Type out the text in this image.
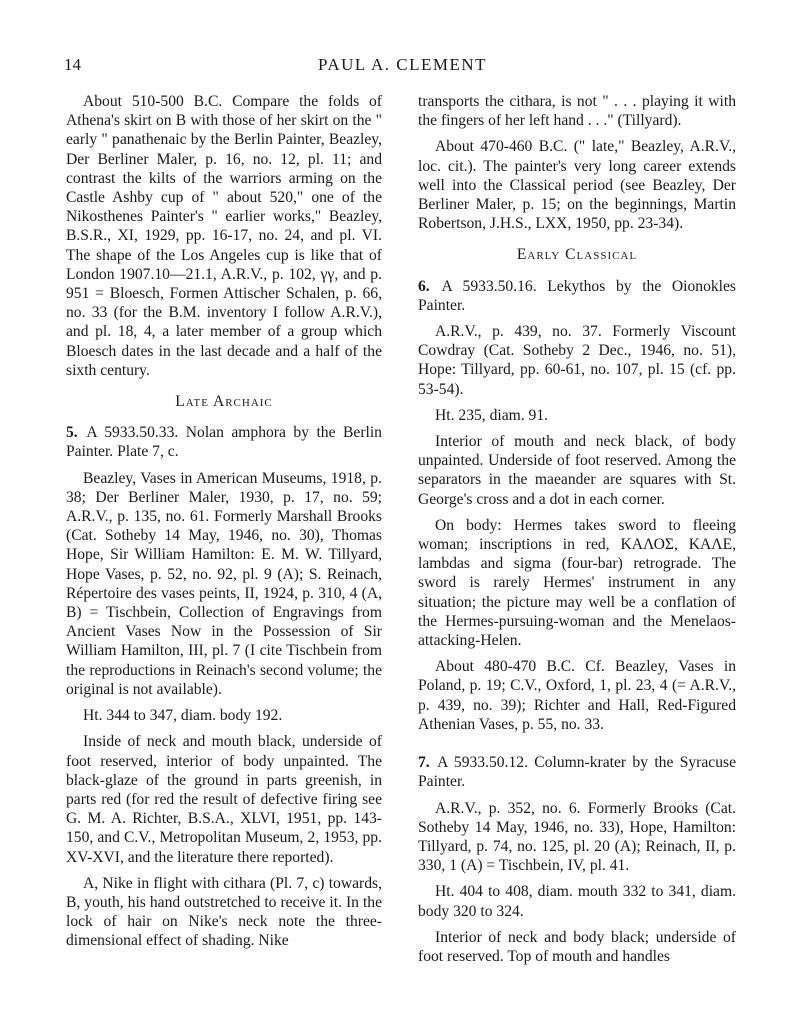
14	PAUL A. CLEMENT

About 510-500 B.C. Compare the folds of Athena's skirt on B with those of her skirt on the " early " panathenaic by the Berlin Painter, Beazley, Der Berliner Maler, p. 16, no. 12, pl. 11; and contrast the kilts of the warriors arming on the Castle Ashby cup of " about 520," one of the Nikosthenes Painter's " earlier works," Beazley, B.S.R., XI, 1929, pp. 16-17, no. 24, and pl. VI. The shape of the Los Angeles cup is like that of London 1907.10—21.1, A.R.V., p. 102, γγ, and p. 951 = Bloesch, Formen Attischer Schalen, p. 66, no. 33 (for the B.M. inventory I follow A.R.V.), and pl. 18, 4, a later member of a group which Bloesch dates in the last decade and a half of the sixth century.

Late Archaic

5. A 5933.50.33. Nolan amphora by the Berlin Painter. Plate 7, c.

Beazley, Vases in American Museums, 1918, p. 38; Der Berliner Maler, 1930, p. 17, no. 59; A.R.V., p. 135, no. 61. Formerly Marshall Brooks (Cat. Sotheby 14 May, 1946, no. 30), Thomas Hope, Sir William Hamilton: E. M. W. Tillyard, Hope Vases, p. 52, no. 92, pl. 9 (A); S. Reinach, Répertoire des vases peints, II, 1924, p. 310, 4 (A, B) = Tischbein, Collection of Engravings from Ancient Vases Now in the Possession of Sir William Hamilton, III, pl. 7 (I cite Tischbein from the reproductions in Reinach's second volume; the original is not available).

Ht. 344 to 347, diam. body 192.

Inside of neck and mouth black, underside of foot reserved, interior of body unpainted. The black-glaze of the ground in parts greenish, in parts red (for red the result of defective firing see G. M. A. Richter, B.S.A., XLVI, 1951, pp. 143-150, and C.V., Metropolitan Museum, 2, 1953, pp. XV-XVI, and the literature there reported).

A, Nike in flight with cithara (Pl. 7, c) towards, B, youth, his hand outstretched to receive it. In the lock of hair on Nike's neck note the three-dimensional effect of shading. Nike

transports the cithara, is not " . . . playing it with the fingers of her left hand . . ." (Tillyard).

About 470-460 B.C. (" late," Beazley, A.R.V., loc. cit.). The painter's very long career extends well into the Classical period (see Beazley, Der Berliner Maler, p. 15; on the beginnings, Martin Robertson, J.H.S., LXX, 1950, pp. 23-34).

Early Classical

6. A 5933.50.16. Lekythos by the Oionokles Painter.

A.R.V., p. 439, no. 37. Formerly Viscount Cowdray (Cat. Sotheby 2 Dec., 1946, no. 51), Hope: Tillyard, pp. 60-61, no. 107, pl. 15 (cf. pp. 53-54).

Ht. 235, diam. 91.

Interior of mouth and neck black, of body unpainted. Underside of foot reserved. Among the separators in the maeander are squares with St. George's cross and a dot in each corner.

On body: Hermes takes sword to fleeing woman; inscriptions in red, ΚΑΛΟΣ, ΚΑΛΕ, lambdas and sigma (four-bar) retrograde. The sword is rarely Hermes' instrument in any situation; the picture may well be a conflation of the Hermes-pursuing-woman and the Menelaos-attacking-Helen.

About 480-470 B.C. Cf. Beazley, Vases in Poland, p. 19; C.V., Oxford, 1, pl. 23, 4 (= A.R.V., p. 439, no. 39); Richter and Hall, Red-Figured Athenian Vases, p. 55, no. 33.

7. A 5933.50.12. Column-krater by the Syracuse Painter.

A.R.V., p. 352, no. 6. Formerly Brooks (Cat. Sotheby 14 May, 1946, no. 33), Hope, Hamilton: Tillyard, p. 74, no. 125, pl. 20 (A); Reinach, II, p. 330, 1 (A) = Tischbein, IV, pl. 41.

Ht. 404 to 408, diam. mouth 332 to 341, diam. body 320 to 324.

Interior of neck and body black; underside of foot reserved. Top of mouth and handles
